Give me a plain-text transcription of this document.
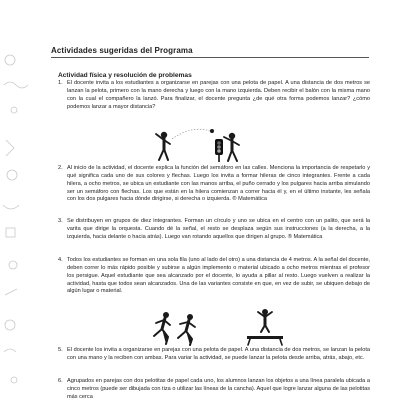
Actividades sugeridas del Programa
Actividad física y resolución de problemas
1. El docente invita a los estudiantes a organizarse en parejas con una pelota de papel. A una distancia de dos metros se lanzan la pelota, primero con la mano derecha y luego con la mano izquierda. Deben recibir el balón con la misma mano con la cual el compañero la lanzó. Para finalizar, el docente pregunta ¿de qué otra forma podemos lanzar? ¿cómo podemos lanzar a mayor distancia?
2. Al inicio de la actividad, el docente explica la función del semáforo en las calles. Menciona la importancia de respetarlo y qué significa cada uno de sus colores y flechas. Luego los invita a formar hileras de cinco integrantes. Frente a cada hilera, a ocho metros, se ubica un estudiante con las manos arriba, el puño cerrado y los pulgares hacia arriba simulando ser un semáforo con flechas. Los que están en la hilera comienzan a correr hacia él y, en el último instante, les señala con los dos pulgares hacia dónde dirigirse, si derecha o izquierda. ® Matemática
3. Se distribuyen en grupos de diez integrantes. Forman un círculo y uno se ubica en el centro con un palito, que será la varita que dirige la orquesta. Cuando dé la señal, el resto se desplaza según sus instrucciones (a la derecha, a la izquierda, hacia delante o hacia atrás). Luego van rotando aquellos que dirigen al grupo. ® Matemática
4. Todos los estudiantes se forman en una sola fila (uno al lado del otro) a una distancia de 4 metros. A la señal del docente, deben correr lo más rápido posible y subirse a algún implemento o material ubicado a ocho metros mientras el profesor los persigue. Aquel estudiante que sea alcanzado por el docente, lo ayuda a pillar al resto. Luego vuelven a realizar la actividad, hasta que todos sean alcanzados. Una de las variantes consiste en que, en vez de subir, se ubiquen debajo de algún lugar o material.
5. El docente los invita a organizarse en parejas con una pelota de papel. A una distancia de dos metros, se lanzan la pelota con una mano y la reciben con ambas. Para variar la actividad, se puede lanzar la pelota desde arriba, atrás, abajo, etc.
6. Agrupados en parejas con dos pelotitas de papel cada uno, los alumnos lanzan los objetos a una línea paralela ubicada a cinco metros (puede ser dibujada con tiza o utilizar las líneas de la cancha). Aquel que logre lanzar alguna de las pelotitas más cerca
